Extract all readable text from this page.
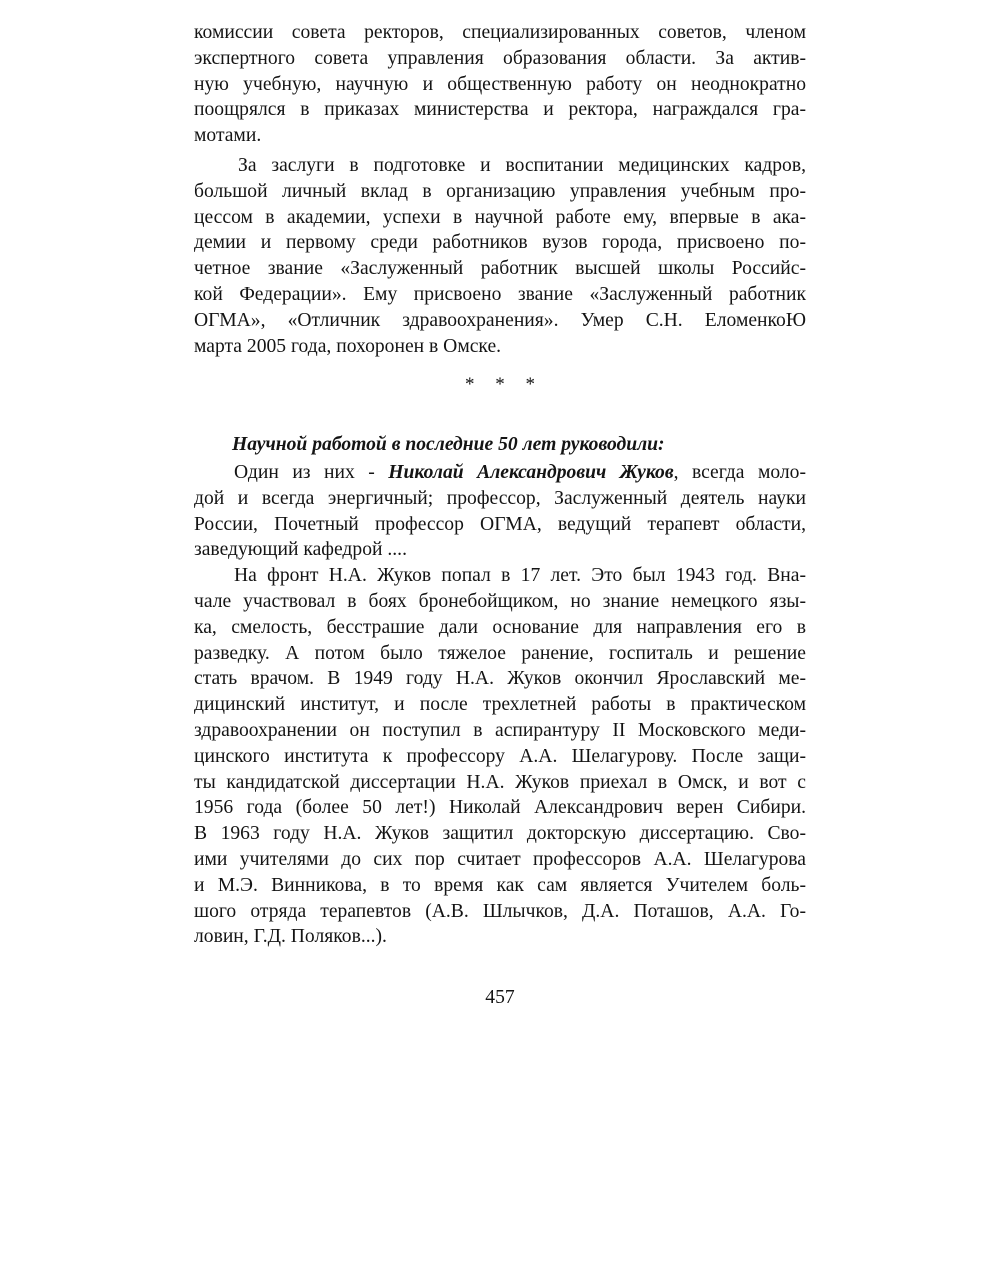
комиссии совета ректоров, специализированных советов, членом
экспертного совета управления образования области. За актив-
ную учебную, научную и общественную работу он неоднократно
поощрялся в приказах министерства и ректора, награждался гра-
мотами.
За заслуги в подготовке и воспитании медицинских кадров,
большой личный вклад в организацию управления учебным про-
цессом в академии, успехи в научной работе ему, впервые в ака-
демии и первому среди работников вузов города, присвоено по-
четное звание «Заслуженный работник высшей школы Российс-
кой Федерации». Ему присвоено звание «Заслуженный работник
ОГМА», «Отличник здравоохранения». Умер С.Н. ЕломенкоЮ
марта 2005 года, похоронен в Омске.
* * *
Научной работой в последние 50 лет руководили:
Один из них - Николай Александрович Жуков, всегда моло-
дой и всегда энергичный; профессор, Заслуженный деятель науки
России, Почетный профессор ОГМА, ведущий терапевт области,
заведующий кафедрой ....
На фронт Н.А. Жуков попал в 17 лет. Это был 1943 год. Вна-
чале участвовал в боях бронебойщиком, но знание немецкого язы-
ка, смелость, бесстрашие дали основание для направления его в
разведку. А потом было тяжелое ранение, госпиталь и решение
стать врачом. В 1949 году Н.А. Жуков окончил Ярославский ме-
дицинский институт, и после трехлетней работы в практическом
здравоохранении он поступил в аспирантуру II Московского меди-
цинского института к профессору А.А. Шелагурову. После защи-
ты кандидатской диссертации Н.А. Жуков приехал в Омск, и вот с
1956 года (более 50 лет!) Николай Александрович верен Сибири.
В 1963 году Н.А. Жуков защитил докторскую диссертацию. Сво-
ими учителями до сих пор считает профессоров А.А. Шелагурова
и М.Э. Винникова, в то время как сам является Учителем боль-
шого отряда терапевтов (А.В. Шлычков, Д.А. Поташов, А.А. Го-
ловин, Г.Д. Поляков...).
457
